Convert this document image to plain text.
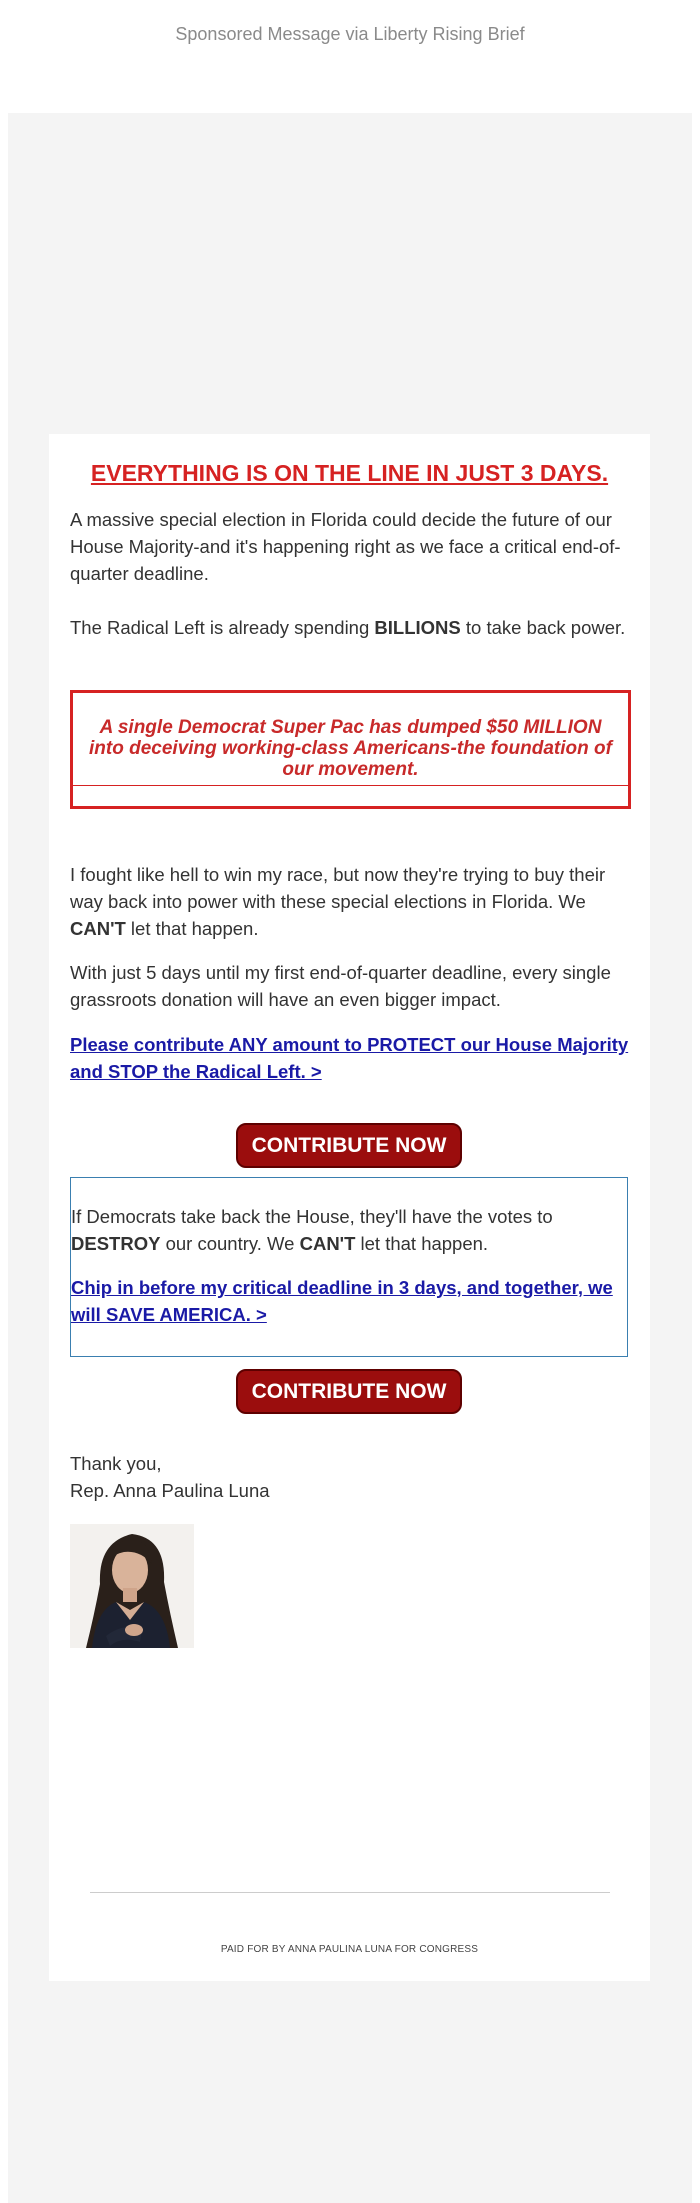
Sponsored Message via Liberty Rising Brief
EVERYTHING IS ON THE LINE IN JUST 3 DAYS.
A massive special election in Florida could decide the future of our House Majority-and it's happening right as we face a critical end-of-quarter deadline.
The Radical Left is already spending BILLIONS to take back power.
A single Democrat Super Pac has dumped $50 MILLION into deceiving working-class Americans-the foundation of our movement.
I fought like hell to win my race, but now they're trying to buy their way back into power with these special elections in Florida. We CAN'T let that happen.
With just 5 days until my first end-of-quarter deadline, every single grassroots donation will have an even bigger impact.
Please contribute ANY amount to PROTECT our House Majority and STOP the Radical Left. >
CONTRIBUTE NOW
If Democrats take back the House, they'll have the votes to DESTROY our country. We CAN'T let that happen.
Chip in before my critical deadline in 3 days, and together, we will SAVE AMERICA. >
CONTRIBUTE NOW
Thank you,
Rep. Anna Paulina Luna
PAID FOR BY ANNA PAULINA LUNA FOR CONGRESS
